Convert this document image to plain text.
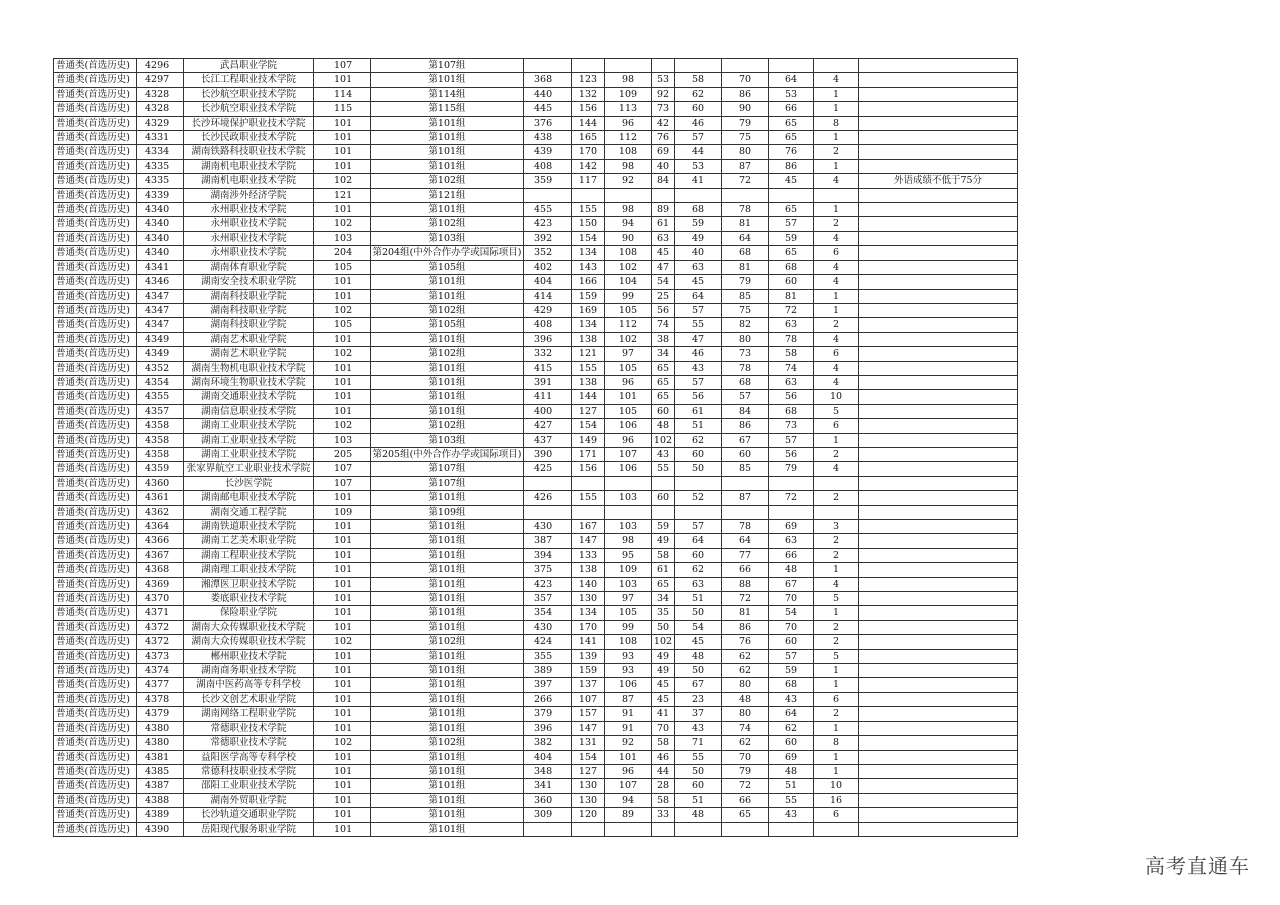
普通类(首选历史)	4296	武昌职业学院	107	第107组									
普通类(首选历史)	4297	长江工程职业技术学院	101	第101组	368	123	98	53	58	70	64	4	
普通类(首选历史)	4328	长沙航空职业技术学院	114	第114组	440	132	109	92	62	86	53	1	
普通类(首选历史)	4328	长沙航空职业技术学院	115	第115组	445	156	113	73	60	90	66	1	
普通类(首选历史)	4329	长沙环境保护职业技术学院	101	第101组	376	144	96	42	46	79	65	8	
普通类(首选历史)	4331	长沙民政职业技术学院	101	第101组	438	165	112	76	57	75	65	1	
普通类(首选历史)	4334	湖南铁路科技职业技术学院	101	第101组	439	170	108	69	44	80	76	2	
普通类(首选历史)	4335	湖南机电职业技术学院	101	第101组	408	142	98	40	53	87	86	1	
普通类(首选历史)	4335	湖南机电职业技术学院	102	第102组	359	117	92	84	41	72	45	4	外语成绩不低于75分
普通类(首选历史)	4339	湖南涉外经济学院	121	第121组									
普通类(首选历史)	4340	永州职业技术学院	101	第101组	455	155	98	89	68	78	65	1	
普通类(首选历史)	4340	永州职业技术学院	102	第102组	423	150	94	61	59	81	57	2	
普通类(首选历史)	4340	永州职业技术学院	103	第103组	392	154	90	63	49	64	59	4	
普通类(首选历史)	4340	永州职业技术学院	204	第204组(中外合作办学或国际项目)	352	134	108	45	40	68	65	6	
普通类(首选历史)	4341	湖南体育职业学院	105	第105组	402	143	102	47	63	81	68	4	
普通类(首选历史)	4346	湖南安全技术职业学院	101	第101组	404	166	104	54	45	79	60	4	
普通类(首选历史)	4347	湖南科技职业学院	101	第101组	414	159	99	25	64	85	81	1	
普通类(首选历史)	4347	湖南科技职业学院	102	第102组	429	169	105	56	57	75	72	1	
普通类(首选历史)	4347	湖南科技职业学院	105	第105组	408	134	112	74	55	82	63	2	
普通类(首选历史)	4349	湖南艺术职业学院	101	第101组	396	138	102	38	47	80	78	4	
普通类(首选历史)	4349	湖南艺术职业学院	102	第102组	332	121	97	34	46	73	58	6	
普通类(首选历史)	4352	湖南生物机电职业技术学院	101	第101组	415	155	105	65	43	78	74	4	
普通类(首选历史)	4354	湖南环境生物职业技术学院	101	第101组	391	138	96	65	57	68	63	4	
普通类(首选历史)	4355	湖南交通职业技术学院	101	第101组	411	144	101	65	56	57	56	10	
普通类(首选历史)	4357	湖南信息职业技术学院	101	第101组	400	127	105	60	61	84	68	5	
普通类(首选历史)	4358	湖南工业职业技术学院	102	第102组	427	154	106	48	51	86	73	6	
普通类(首选历史)	4358	湖南工业职业技术学院	103	第103组	437	149	96	102	62	67	57	1	
普通类(首选历史)	4358	湖南工业职业技术学院	205	第205组(中外合作办学或国际项目)	390	171	107	43	60	60	56	2	
普通类(首选历史)	4359	张家界航空工业职业技术学院	107	第107组	425	156	106	55	50	85	79	4	
普通类(首选历史)	4360	长沙医学院	107	第107组									
普通类(首选历史)	4361	湖南邮电职业技术学院	101	第101组	426	155	103	60	52	87	72	2	
普通类(首选历史)	4362	湖南交通工程学院	109	第109组									
普通类(首选历史)	4364	湖南铁道职业技术学院	101	第101组	430	167	103	59	57	78	69	3	
普通类(首选历史)	4366	湖南工艺美术职业学院	101	第101组	387	147	98	49	64	64	63	2	
普通类(首选历史)	4367	湖南工程职业技术学院	101	第101组	394	133	95	58	60	77	66	2	
普通类(首选历史)	4368	湖南理工职业技术学院	101	第101组	375	138	109	61	62	66	48	1	
普通类(首选历史)	4369	湘潭医卫职业技术学院	101	第101组	423	140	103	65	63	88	67	4	
普通类(首选历史)	4370	娄底职业技术学院	101	第101组	357	130	97	34	51	72	70	5	
普通类(首选历史)	4371	保险职业学院	101	第101组	354	134	105	35	50	81	54	1	
普通类(首选历史)	4372	湖南大众传媒职业技术学院	101	第101组	430	170	99	50	54	86	70	2	
普通类(首选历史)	4372	湖南大众传媒职业技术学院	102	第102组	424	141	108	102	45	76	60	2	
普通类(首选历史)	4373	郴州职业技术学院	101	第101组	355	139	93	49	48	62	57	5	
普通类(首选历史)	4374	湖南商务职业技术学院	101	第101组	389	159	93	49	50	62	59	1	
普通类(首选历史)	4377	湖南中医药高等专科学校	101	第101组	397	137	106	45	67	80	68	1	
普通类(首选历史)	4378	长沙文创艺术职业学院	101	第101组	266	107	87	45	23	48	43	6	
普通类(首选历史)	4379	湖南网络工程职业学院	101	第101组	379	157	91	41	37	80	64	2	
普通类(首选历史)	4380	常德职业技术学院	101	第101组	396	147	91	70	43	74	62	1	
普通类(首选历史)	4380	常德职业技术学院	102	第102组	382	131	92	58	71	62	60	8	
普通类(首选历史)	4381	益阳医学高等专科学校	101	第101组	404	154	101	46	55	70	69	1	
普通类(首选历史)	4385	常德科技职业技术学院	101	第101组	348	127	96	44	50	79	48	1	
普通类(首选历史)	4387	邵阳工业职业技术学院	101	第101组	341	130	107	28	60	72	51	10	
普通类(首选历史)	4388	湖南外贸职业学院	101	第101组	360	130	94	58	51	66	55	16	
普通类(首选历史)	4389	长沙轨道交通职业学院	101	第101组	309	120	89	33	48	65	43	6	
普通类(首选历史)	4390	岳阳现代服务职业学院	101	第101组									
高考直通车
